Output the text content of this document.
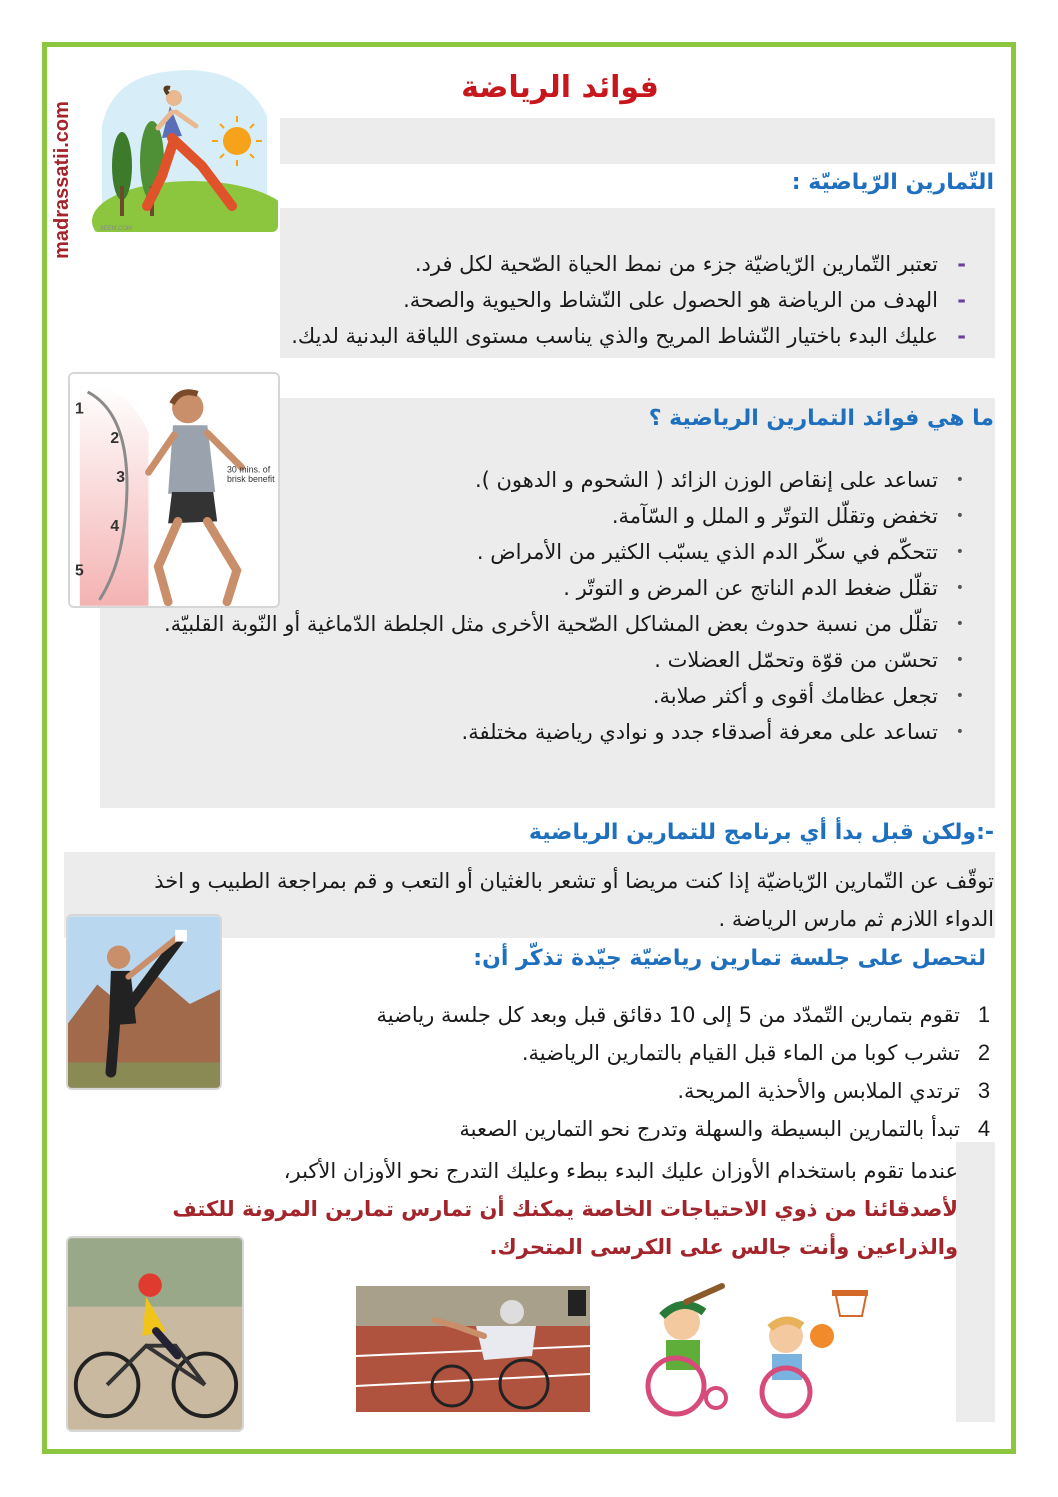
madrassatii.com
فوائد الرياضة
3EEM.COM
التّمارين الرّياضيّة :
- تعتبر التّمارين الرّياضيّة جزء من نمط الحياة الصّحية لكل فرد.
- الهدف من الرياضة هو الحصول على النّشاط والحيوية والصحة.
- عليك البدء باختيار النّشاط المريح والذي يناسب مستوى اللياقة البدنية لديك.
1
2
3
4
5
30 mins. of brisk benefit
ما هي فوائد التمارين الرياضية ؟
• تساعد على إنقاص الوزن الزائد ( الشحوم و الدهون ).
• تخفض وتقلّل التوتّر و الملل و السّآمة.
• تتحكّم في سكّر الدم الذي يسبّب الكثير من الأمراض .
• تقلّل ضغط الدم الناتج عن المرض و التوتّر .
• تقلّل من نسبة حدوث بعض المشاكل الصّحية الأخرى مثل الجلطة الدّماغية أو النّوبة القلبيّة.
• تحسّن من قوّة وتحمّل العضلات .
• تجعل عظامك أقوى و أكثر صلابة.
• تساعد على معرفة أصدقاء جدد و نوادي رياضية مختلفة.
-:ولكن قبل بدأ أي برنامج للتمارين الرياضية
توقّف عن التّمارين الرّياضيّة إذا كنت مريضا أو تشعر بالغثيان أو التعب و قم بمراجعة الطبيب و اخذ الدواء اللازم ثم مارس الرياضة .
لتحصل على جلسة تمارين رياضيّة جيّدة تذكّر أن:
1
تقوم بتمارين التّمدّد من 5 إلى 10 دقائق قبل وبعد كل جلسة رياضية
2
تشرب كوبا من الماء قبل القيام بالتمارين الرياضية.
3
ترتدي الملابس والأحذية المريحة.
4
تبدأ بالتمارين البسيطة والسهلة وتدرج نحو التمارين الصعبة
عندما تقوم باستخدام الأوزان عليك البدء ببطء وعليك التدرج نحو الأوزان الأكبر،
لأصدقائنا من ذوي الاحتياجات الخاصة يمكنك أن تمارس تمارين المرونة للكتف والذراعين وأنت جالس على الكرسى المتحرك.
